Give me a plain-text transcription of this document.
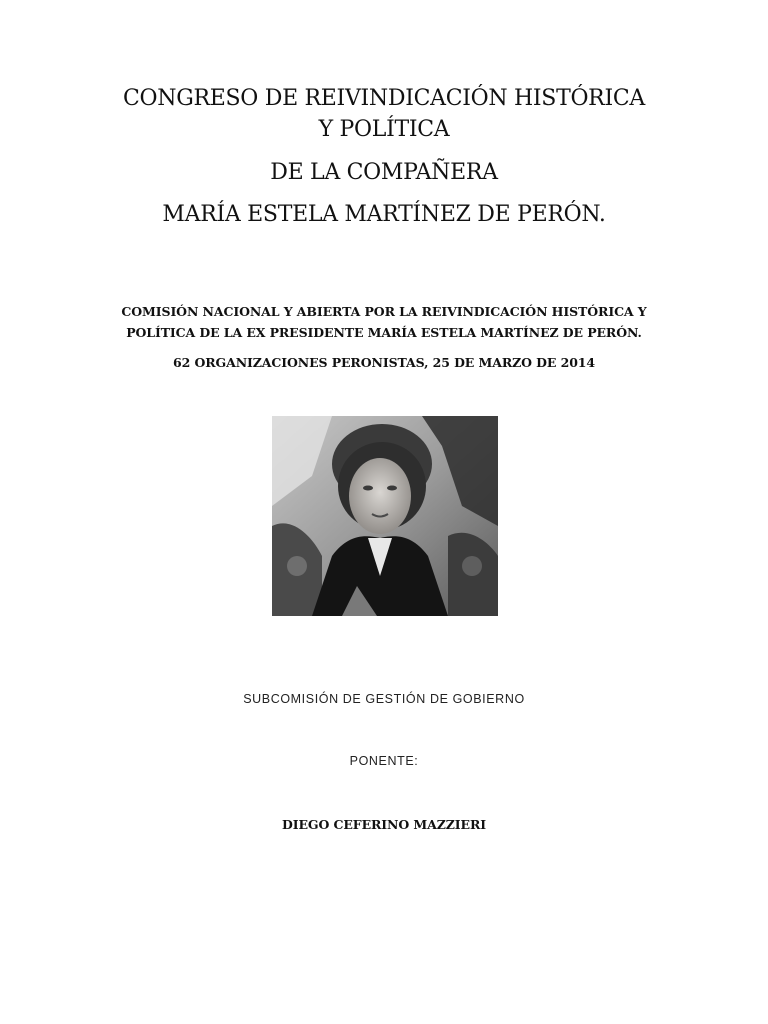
CONGRESO DE REIVINDICACIÓN HISTÓRICA
Y POLÍTICA
DE LA COMPAÑERA
MARÍA ESTELA MARTÍNEZ DE PERÓN.
COMISIÓN NACIONAL Y ABIERTA POR LA REIVINDICACIÓN HISTÓRICA Y
POLÍTICA DE LA EX PRESIDENTE MARÍA ESTELA MARTÍNEZ DE PERÓN.
62 ORGANIZACIONES PERONISTAS, 25 DE MARZO DE 2014
SUBCOMISIÓN DE GESTIÓN DE GOBIERNO
PONENTE:
DIEGO CEFERINO MAZZIERI
